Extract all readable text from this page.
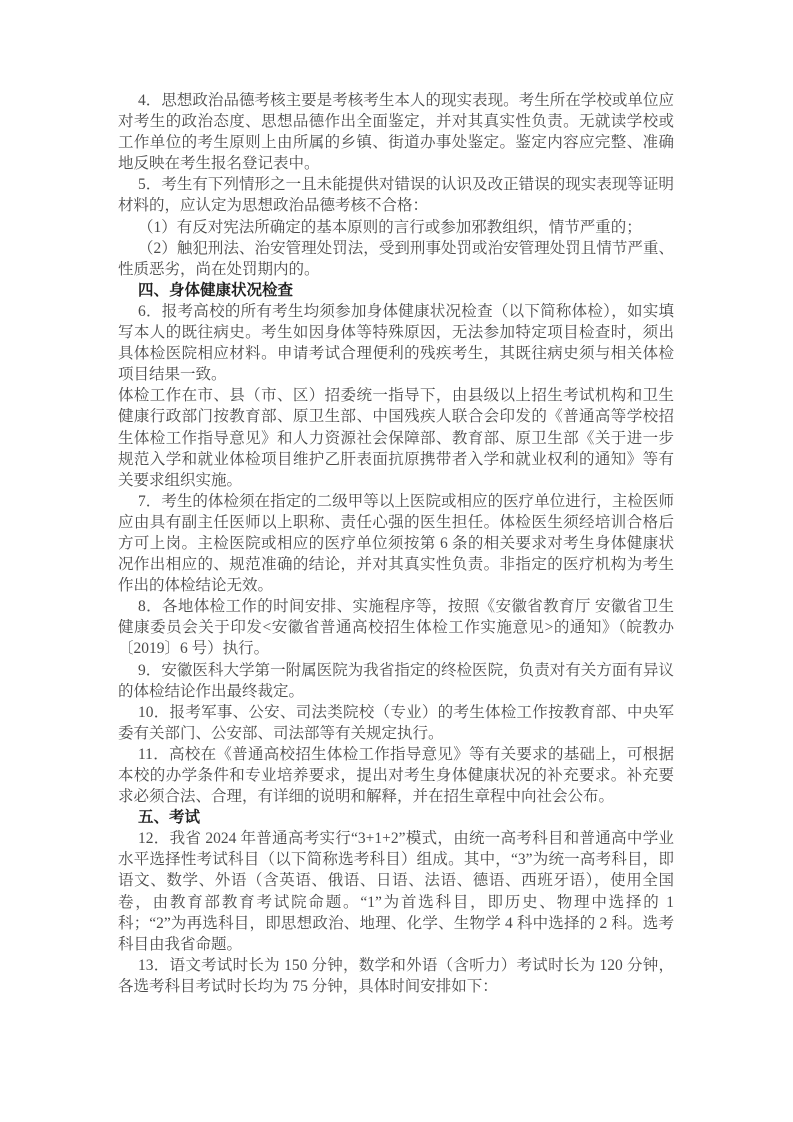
4．思想政治品德考核主要是考核考生本人的现实表现。考生所在学校或单位应对考生的政治态度、思想品德作出全面鉴定，并对其真实性负责。无就读学校或工作单位的考生原则上由所属的乡镇、街道办事处鉴定。鉴定内容应完整、准确地反映在考生报名登记表中。

5．考生有下列情形之一且未能提供对错误的认识及改正错误的现实表现等证明材料的，应认定为思想政治品德考核不合格：

（1）有反对宪法所确定的基本原则的言行或参加邪教组织，情节严重的；

（2）触犯刑法、治安管理处罚法，受到刑事处罚或治安管理处罚且情节严重、性质恶劣，尚在处罚期内的。

四、身体健康状况检查

6．报考高校的所有考生均须参加身体健康状况检查（以下简称体检），如实填写本人的既往病史。考生如因身体等特殊原因，无法参加特定项目检查时，须出具体检医院相应材料。申请考试合理便利的残疾考生，其既往病史须与相关体检项目结果一致。

体检工作在市、县（市、区）招委统一指导下，由县级以上招生考试机构和卫生健康行政部门按教育部、原卫生部、中国残疾人联合会印发的《普通高等学校招生体检工作指导意见》和人力资源社会保障部、教育部、原卫生部《关于进一步规范入学和就业体检项目维护乙肝表面抗原携带者入学和就业权利的通知》等有关要求组织实施。

7．考生的体检须在指定的二级甲等以上医院或相应的医疗单位进行，主检医师应由具有副主任医师以上职称、责任心强的医生担任。体检医生须经培训合格后方可上岗。主检医院或相应的医疗单位须按第 6 条的相关要求对考生身体健康状况作出相应的、规范准确的结论，并对其真实性负责。非指定的医疗机构为考生作出的体检结论无效。

8．各地体检工作的时间安排、实施程序等，按照《安徽省教育厅 安徽省卫生健康委员会关于印发<安徽省普通高校招生体检工作实施意见>的通知》（皖教办〔2019〕6 号）执行。

9．安徽医科大学第一附属医院为我省指定的终检医院，负责对有关方面有异议的体检结论作出最终裁定。

10．报考军事、公安、司法类院校（专业）的考生体检工作按教育部、中央军委有关部门、公安部、司法部等有关规定执行。

11．高校在《普通高校招生体检工作指导意见》等有关要求的基础上，可根据本校的办学条件和专业培养要求，提出对考生身体健康状况的补充要求。补充要求必须合法、合理，有详细的说明和解释，并在招生章程中向社会公布。

五、考试

12．我省 2024 年普通高考实行“3+1+2”模式，由统一高考科目和普通高中学业水平选择性考试科目（以下简称选考科目）组成。其中，“3”为统一高考科目，即语文、数学、外语（含英语、俄语、日语、法语、德语、西班牙语），使用全国卷，由教育部教育考试院命题。“1”为首选科目，即历史、物理中选择的 1 科；“2”为再选科目，即思想政治、地理、化学、生物学 4 科中选择的 2 科。选考科目由我省命题。

13．语文考试时长为 150 分钟，数学和外语（含听力）考试时长为 120 分钟，各选考科目考试时长均为 75 分钟，具体时间安排如下：
